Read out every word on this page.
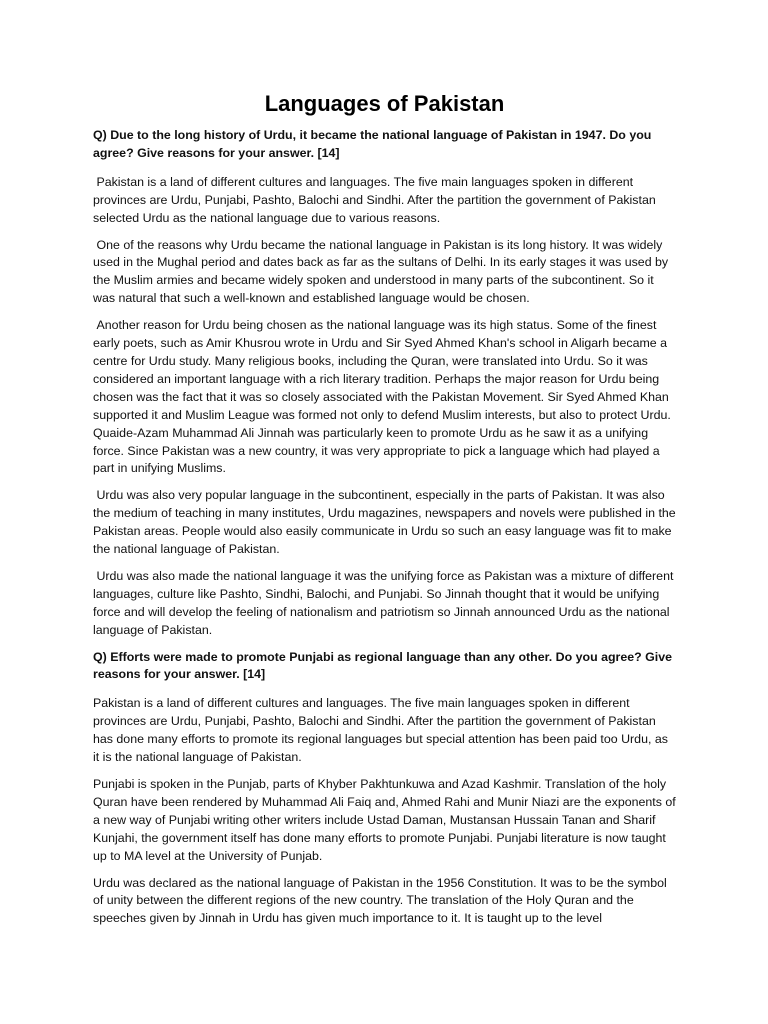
Languages of Pakistan
Q) Due to the long history of Urdu, it became the national language of Pakistan in 1947. Do you agree? Give reasons for your answer. [14]
Pakistan is a land of different cultures and languages. The five main languages spoken in different provinces are Urdu, Punjabi, Pashto, Balochi and Sindhi. After the partition the government of Pakistan selected Urdu as the national language due to various reasons.
One of the reasons why Urdu became the national language in Pakistan is its long history. It was widely used in the Mughal period and dates back as far as the sultans of Delhi. In its early stages it was used by the Muslim armies and became widely spoken and understood in many parts of the subcontinent. So it was natural that such a well-known and established language would be chosen.
Another reason for Urdu being chosen as the national language was its high status. Some of the finest early poets, such as Amir Khusrou wrote in Urdu and Sir Syed Ahmed Khan's school in Aligarh became a centre for Urdu study. Many religious books, including the Quran, were translated into Urdu. So it was considered an important language with a rich literary tradition. Perhaps the major reason for Urdu being chosen was the fact that it was so closely associated with the Pakistan Movement. Sir Syed Ahmed Khan supported it and Muslim League was formed not only to defend Muslim interests, but also to protect Urdu. Quaide-Azam Muhammad Ali Jinnah was particularly keen to promote Urdu as he saw it as a unifying force. Since Pakistan was a new country, it was very appropriate to pick a language which had played a part in unifying Muslims.
Urdu was also very popular language in the subcontinent, especially in the parts of Pakistan. It was also the medium of teaching in many institutes, Urdu magazines, newspapers and novels were published in the Pakistan areas. People would also easily communicate in Urdu so such an easy language was fit to make the national language of Pakistan.
Urdu was also made the national language it was the unifying force as Pakistan was a mixture of different languages, culture like Pashto, Sindhi, Balochi, and Punjabi. So Jinnah thought that it would be unifying force and will develop the feeling of nationalism and patriotism so Jinnah announced Urdu as the national language of Pakistan.
Q) Efforts were made to promote Punjabi as regional language than any other. Do you agree? Give reasons for your answer. [14]
Pakistan is a land of different cultures and languages. The five main languages spoken in different provinces are Urdu, Punjabi, Pashto, Balochi and Sindhi. After the partition the government of Pakistan has done many efforts to promote its regional languages but special attention has been paid too Urdu, as it is the national language of Pakistan.
Punjabi is spoken in the Punjab, parts of Khyber Pakhtunkuwa and Azad Kashmir. Translation of the holy Quran have been rendered by Muhammad Ali Faiq and, Ahmed Rahi and Munir Niazi are the exponents of a new way of Punjabi writing other writers include Ustad Daman, Mustansan Hussain Tanan and Sharif Kunjahi, the government itself has done many efforts to promote Punjabi. Punjabi literature is now taught up to MA level at the University of Punjab.
Urdu was declared as the national language of Pakistan in the 1956 Constitution. It was to be the symbol of unity between the different regions of the new country. The translation of the Holy Quran and the speeches given by Jinnah in Urdu has given much importance to it. It is taught up to the level
